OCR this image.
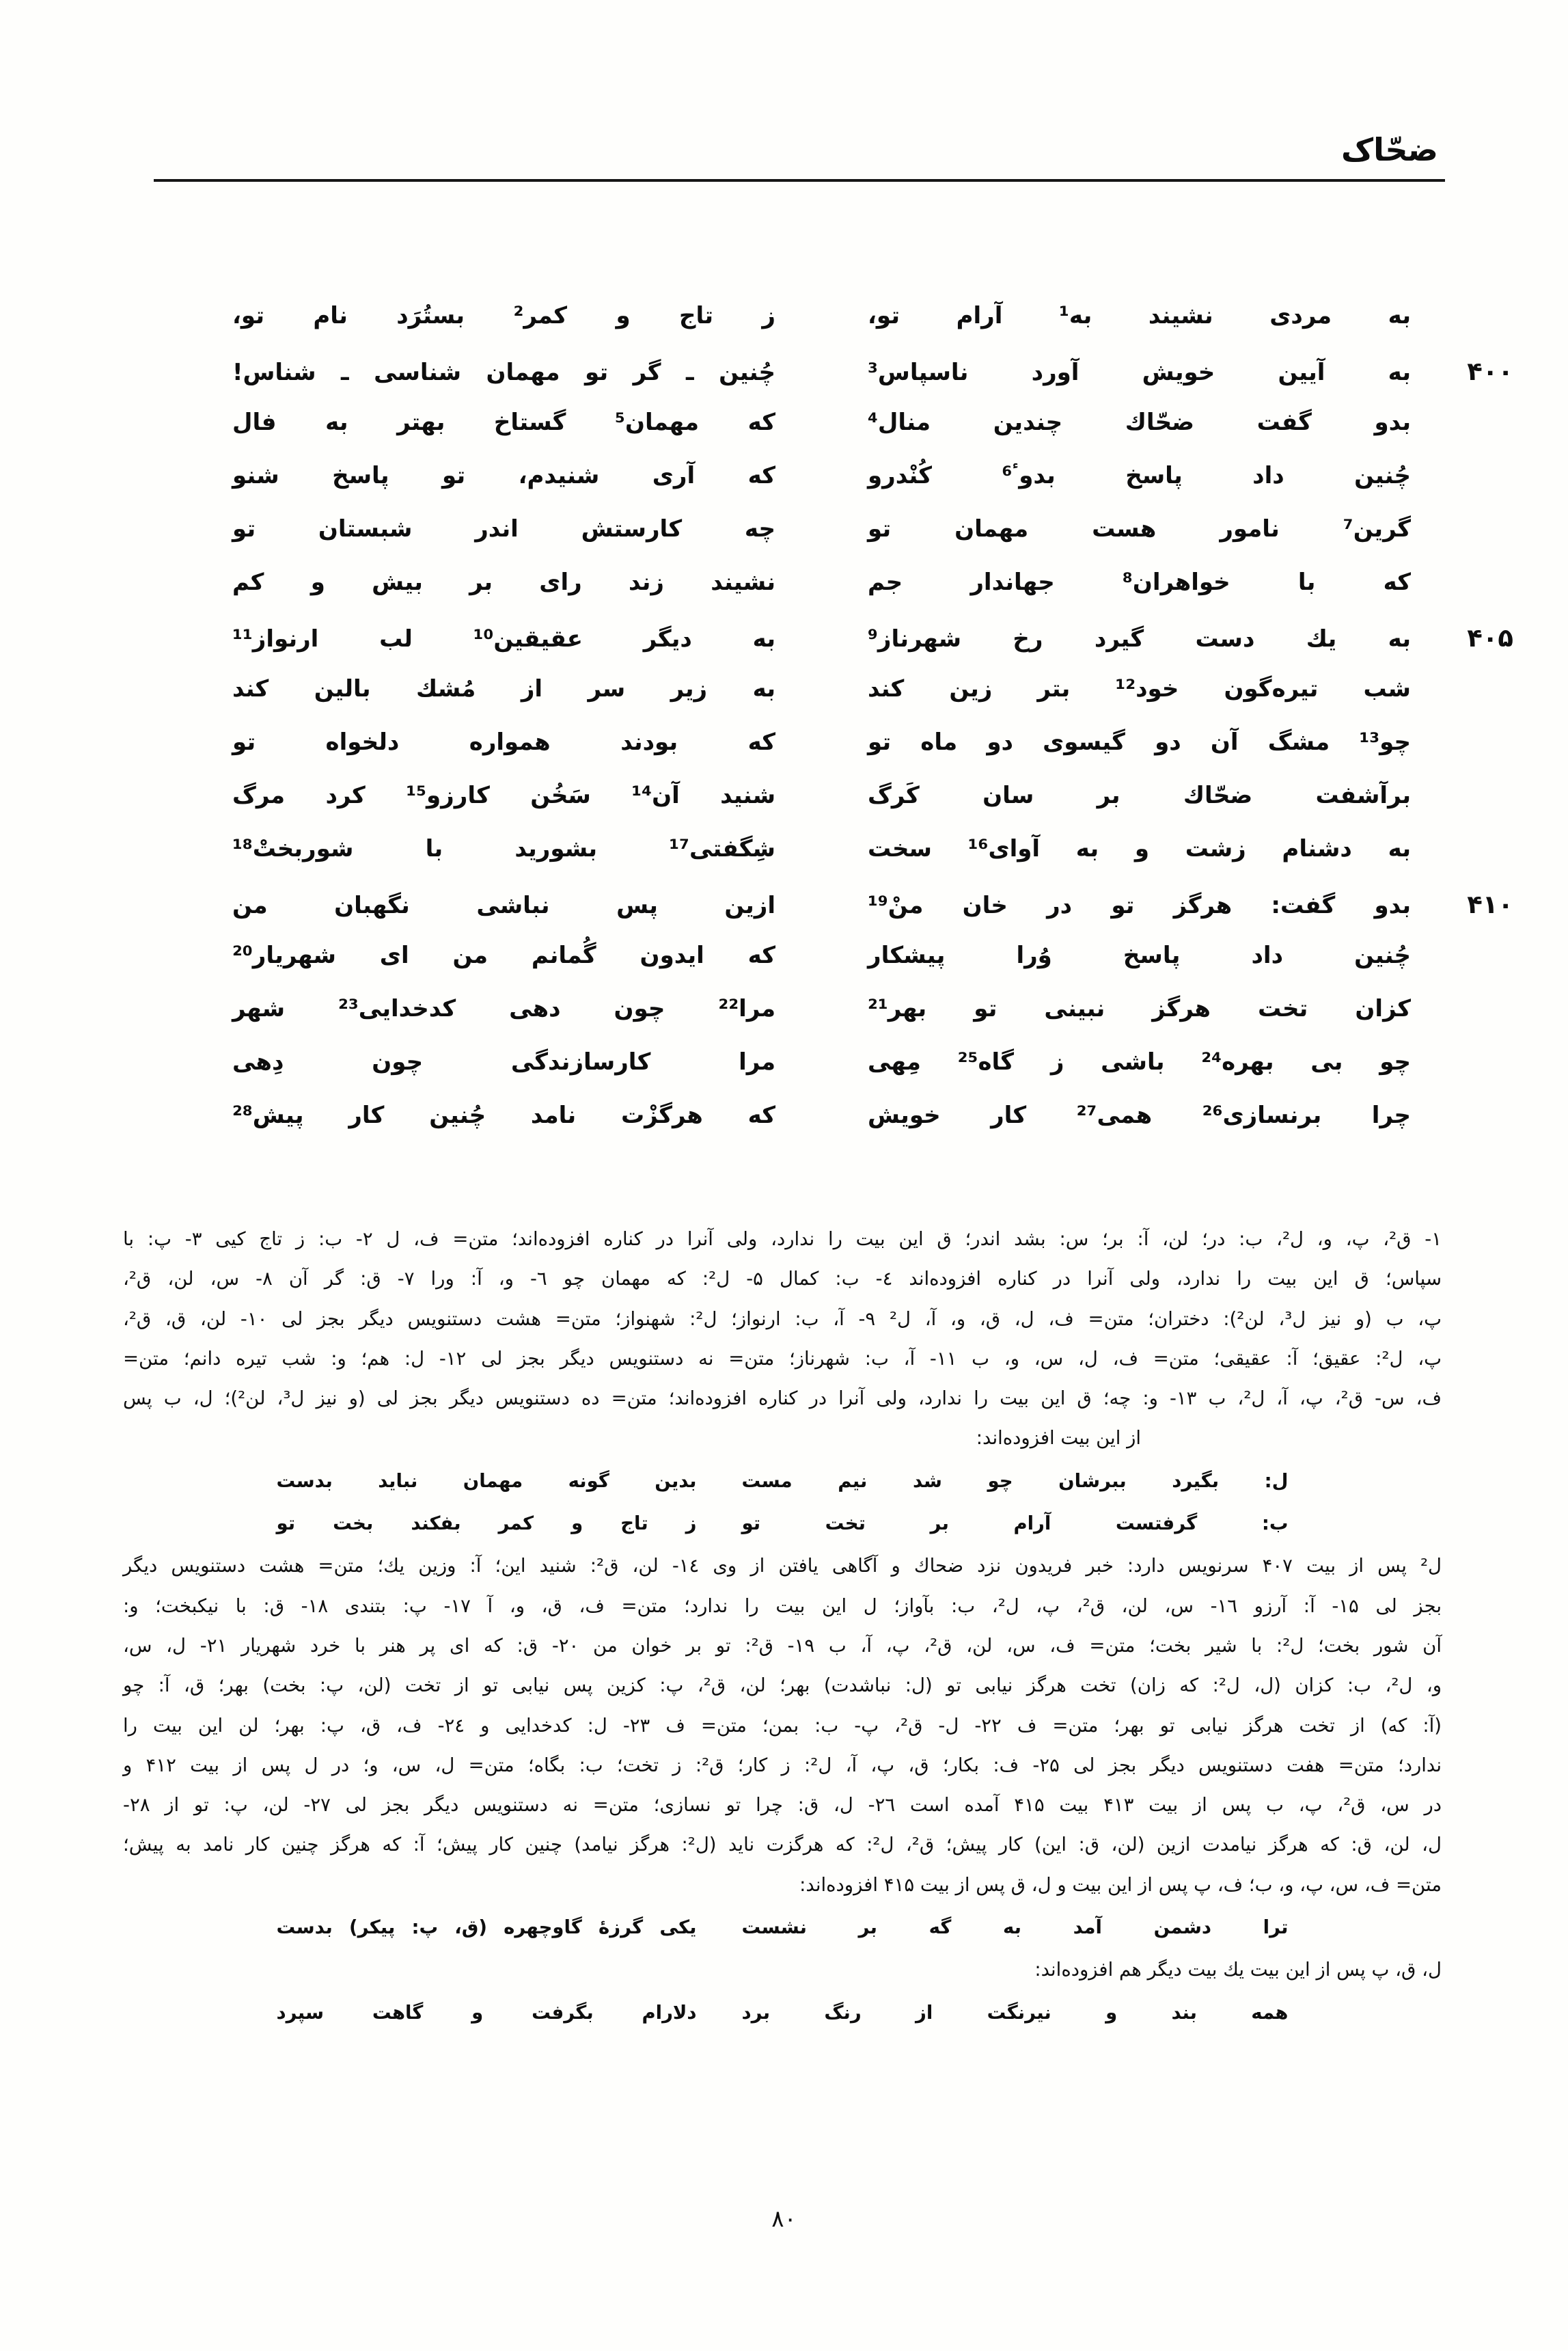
ضحّاک
به مردی نشیند به¹ آرام تو،
ز تاج و کمر² بستُرَد نام تو،
۴۰۰
به آیین خویش آورد ناسپاس³
چُنین ـ گر تو مهمان شناسی ـ شناس!
بدو گفت ضحّاك چندین منال⁴
که مهمان⁵ گستاخ بهتر به فال
چُنین داد پاسخ بدوٴ⁶ کُنْدرو
که آری شنیدم، تو پاسخ شنو
گرین⁷ نامور هست مهمان تو
چه کارستش اندر شبستان تو
که با خواهران⁸ جهاندار جم
نشیند زند رای بر بیش و کم
۴۰۵
به یك دست گیرد رخ شهرناز⁹
به دیگر عقیقین¹⁰ لب ارنواز¹¹
شب تیره‌گون خود¹² بتر زین کند
به زیر سر از مُشك بالین کند
چو¹³ مشگ آن دو گیسوی دو ماه تو
که بودند همواره دلخواه تو
برآشفت ضحّاك بر سان کَرگ
شنید آن¹⁴ سَخُن کارزو¹⁵ کرد مرگ
به دشنام زشت و به آوای¹⁶ سخت
شِگفتی¹⁷ بشورید با شوربختْ¹⁸
۴۱۰
بدو گفت: هرگز تو در خان منْ¹⁹
ازین پس نباشی نگهبان من
چُنین داد پاسخ وُرا پیشکار
که ایدون گُمانم من ای شهریار²⁰
کزان تخت هرگز نبینی تو بهر²¹
مرا²² چون دهی کدخدایی²³ شهر
چو بی بهره²⁴ باشی ز گاه²⁵ مِهی
مرا کارسازندگی چون دِهی
چرا برنسازی²⁶ همی²⁷ کار خویش
که هرگزْت نامد چُنین کار پیش²⁸
۱- ق²، پ، و، ل²، ب: در؛ لن، آ: بر؛ س: بشد اندر؛ ق این بیت را ندارد، ولی آنرا در کناره افزوده‌اند؛ متن= ف، ل ۲- ب: ز تاج کیی ۳- پ: با
سپاس؛ ق این بیت را ندارد، ولی آنرا در کناره افزوده‌اند ٤- ب: کمال ۵- ل²: که مهمان چو ٦- و، آ: ورا ۷- ق: گر آن ۸- س، لن، ق²،
پ، ب (و نیز ل³، لن²): دختران؛ متن= ف، ل، ق، و، آ، ل² ۹- آ، ب: ارنواز؛ ل²: شهنواز؛ متن= هشت دستنویس دیگر بجز لی ۱۰- لن، ق، ق²،
پ، ل²: عقیق؛ آ: عقیقی؛ متن= ف، ل، س، و، ب ۱۱- آ، ب: شهرناز؛ متن= نه دستنویس دیگر بجز لی ۱۲- ل: هم؛ و: شب تیره دانم؛ متن=
ف، س- ق²، پ، آ، ل²، ب ۱۳- و: چه؛ ق این بیت را ندارد، ولی آنرا در کناره افزوده‌اند؛ متن= ده دستنویس دیگر بجز لی (و نیز ل³، لن²)؛ ل، ب پس
از این بیت افزوده‌اند:
ل: بگیرد ببرشان چو شد نیم مست
بدین گونه مهمان نباید بدست
ب: گرفتست آرام بر تخت تو
ز تاج و کمر بفکند بخت تو
ل² پس از بیت ۴۰۷ سرنویس دارد: خبر فریدون نزد ضحاك و آگاهی یافتن از وی ۱٤- لن، ق²: شنید این؛ آ: وزین یك؛ متن= هشت دستنویس دیگر
بجز لی ۱۵- آ: آرزو ۱٦- س، لن، ق²، پ، ل²، ب: بآواز؛ ل این بیت را ندارد؛ متن= ف، ق، و، آ ۱۷- پ: بتندی ۱۸- ق: با نیکبخت؛ و:
آن شور بخت؛ ل²: با شیر بخت؛ متن= ف، س، لن، ق²، پ، آ، ب ۱۹- ق²: تو بر خوان من ۲۰- ق: که ای پر هنر با خرد شهریار ۲۱- ل، س،
و، ل²، ب: کزان (ل، ل²: که زان) تخت هرگز نیابی تو (ل: نباشدت) بهر؛ لن، ق²، پ: کزین پس نیابی تو از تخت (لن، پ: بخت) بهر؛ ق، آ: چو
(آ: که) از تخت هرگز نیابی تو بهر؛ متن= ف ۲۲- ل- ق²، پ- ب: بمن؛ متن= ف ۲۳- ل: کدخدایی و ۲٤- ف، ق، پ: بهر؛ لن این بیت را
ندارد؛ متن= هفت دستنویس دیگر بجز لی ۲۵- ف: بکار؛ ق، پ، آ، ل²: ز کار؛ ق²: ز تخت؛ ب: بگاه؛ متن= ل، س، و؛ در ل پس از بیت ۴۱۲ و
در س، ق²، پ، ب پس از بیت ۴۱۳ بیت ۴۱۵ آمده است ۲٦- ل، ق: چرا تو نسازی؛ متن= نه دستنویس دیگر بجز لی ۲۷- لن، پ: تو از ۲۸-
ل، لن، ق: که هرگز نیامدت ازین (لن، ق: این) کار پیش؛ ق²، ل²: که هرگزت ناید (ل²: هرگز نیامد) چنین کار پیش؛ آ: که هرگز چنین کار نامد به پیش؛
متن= ف، س، پ، و، ب؛ ف، پ پس از این بیت و ل، ق پس از بیت ۴۱۵ افزوده‌اند:
ترا دشمن آمد به گه بر نشست
یکی گرزهٔ گاوچهره (ق، پ: پیکر) بدست
ل، ق، پ پس از این بیت یك بیت دیگر هم افزوده‌اند:
همه بند و نیرنگت از رنگ برد
دلارام بگرفت و گاهت سپرد
۸۰
